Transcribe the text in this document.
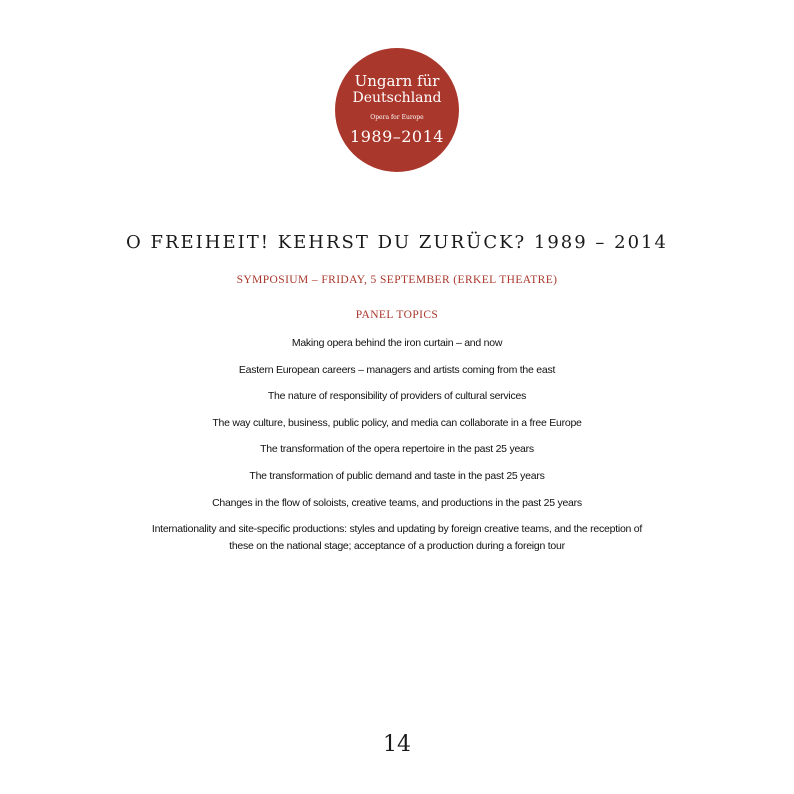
Ungarn für
Deutschland
Opera for Europe
1989–2014
O FREIHEIT! KEHRST DU ZURÜCK? 1989 – 2014
SYMPOSIUM – FRIDAY, 5 SEPTEMBER (ERKEL THEATRE)
PANEL TOPICS
Making opera behind the iron curtain – and now
Eastern European careers – managers and artists coming from the east
The nature of responsibility of providers of cultural services
The way culture, business, public policy, and media can collaborate in a free Europe
The transformation of the opera repertoire in the past 25 years
The transformation of public demand and taste in the past 25 years
Changes in the flow of soloists, creative teams, and productions in the past 25 years
Internationality and site-specific productions: styles and updating by foreign creative teams, and the reception of these on the national stage; acceptance of a production during a foreign tour
14
